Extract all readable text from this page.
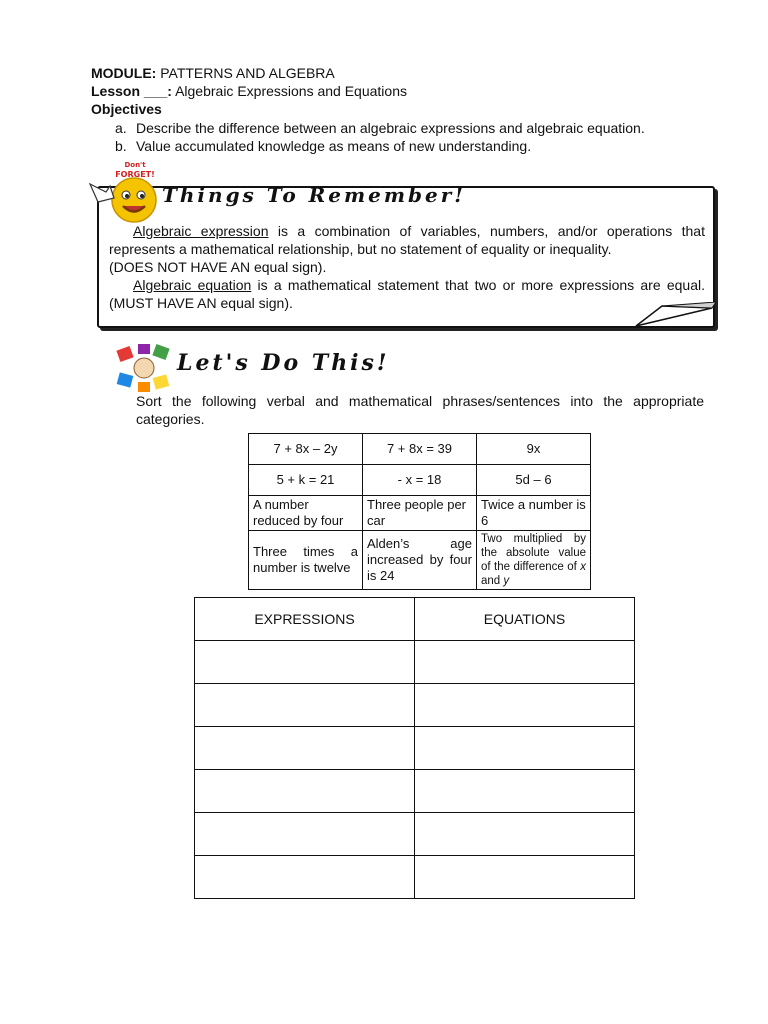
MODULE: PATTERNS AND ALGEBRA
Lesson ___: Algebraic Expressions and Equations
Objectives
a. Describe the difference between an algebraic expressions and algebraic equation.
b. Value accumulated knowledge as means of new understanding.
Algebraic expression is a combination of variables, numbers, and/or operations that represents a mathematical relationship, but no statement of equality or inequality.
(DOES NOT HAVE AN equal sign).
Algebraic equation is a mathematical statement that two or more expressions are equal. (MUST HAVE AN equal sign).
Don't
FORGET!
Things To Remember!
Let's Do This!
Sort the following verbal and mathematical phrases/sentences into the appropriate categories.
7 + 8x – 2y	7 + 8x = 39	9x
5 + k = 21	- x = 18	5d – 6
A number reduced by four	Three people per car	Twice a number is 6
Three times a number is twelve	Alden’s age increased by four is 24	Two multiplied by the absolute value of the difference of x and y
EXPRESSIONS	EQUATIONS
